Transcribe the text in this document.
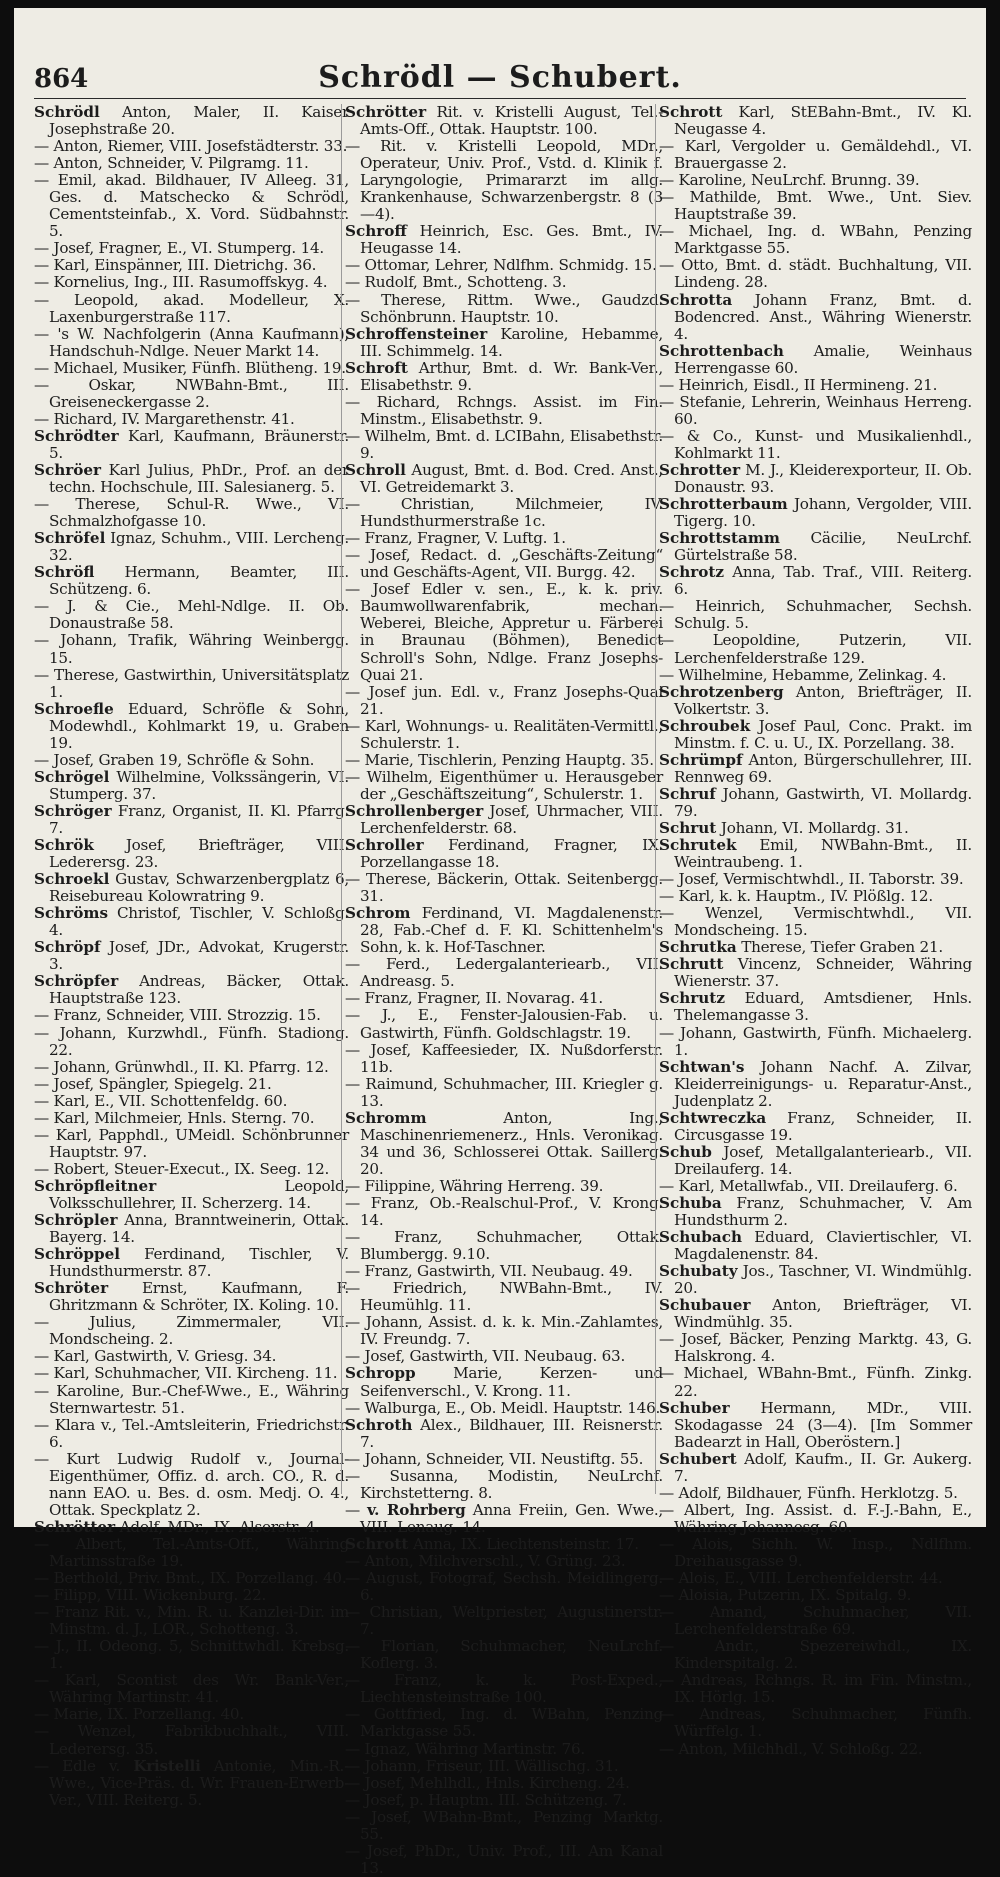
864	Schrödl — Schubert.

Schrödl Anton, Maler, II. Kaiser Josephstraße 20.

— Anton, Riemer, VIII. Josefstädterstr. 33.

— Anton, Schneider, V. Pilgramg. 11.

— Emil, akad. Bildhauer, IV Alleeg. 31, Ges. d. Matschecko & Schrödl, Cementsteinfab., X. Vord. Südbahnstr. 5.

— Josef, Fragner, E., VI. Stumperg. 14.

— Karl, Einspänner, III. Dietrichg. 36.

— Kornelius, Ing., III. Rasumoffskyg. 4.

— Leopold, akad. Modelleur, X. Laxenburgerstraße 117.

— 's W. Nachfolgerin (Anna Kaufmann), Handschuh-Ndlge. Neuer Markt 14.

— Michael, Musiker, Fünfh. Blütheng. 19.

— Oskar, NWBahn-Bmt., III. Greiseneckergasse 2.

— Richard, IV. Margarethenstr. 41.

Schrödter Karl, Kaufmann, Bräunerstr. 5.

Schröer Karl Julius, PhDr., Prof. an der techn. Hochschule, III. Salesianerg. 5.

— Therese, Schul-R. Wwe., VI. Schmalzhofgasse 10.

Schröfel Ignaz, Schuhm., VIII. Lercheng. 32.

Schröfl Hermann, Beamter, III. Schützeng. 6.

— J. & Cie., Mehl-Ndlge. II. Ob. Donaustraße 58.

— Johann, Trafik, Währing Weinbergg. 15.

— Therese, Gastwirthin, Universitätsplatz 1.

Schroefle Eduard, Schröfle & Sohn, Modewhdl., Kohlmarkt 19, u. Graben 19.

— Josef, Graben 19, Schröfle & Sohn.

Schrögel Wilhelmine, Volkssängerin, VI. Stumperg. 37.

Schröger Franz, Organist, II. Kl. Pfarrg. 7.

Schrök Josef, Briefträger, VIII. Lederersg. 23.

Schroekl Gustav, Schwarzenbergplatz 6, Reisebureau Kolowratring 9.

Schröms Christof, Tischler, V. Schloßg. 4.

Schröpf Josef, JDr., Advokat, Krugerstr. 3.

Schröpfer Andreas, Bäcker, Ottak. Hauptstraße 123.

— Franz, Schneider, VIII. Strozzig. 15.

— Johann, Kurzwhdl., Fünfh. Stadiong. 22.

— Johann, Grünwhdl., II. Kl. Pfarrg. 12.

— Josef, Spängler, Spiegelg. 21.

— Karl, E., VII. Schottenfeldg. 60.

— Karl, Milchmeier, Hnls. Sterng. 70.

— Karl, Papphdl., UMeidl. Schönbrunner Hauptstr. 97.

— Robert, Steuer-Execut., IX. Seeg. 12.

Schröpfleitner	Leopold, Volksschullehrer, II. Scherzerg. 14.

Schröpler Anna, Branntweinerin, Ottak. Bayerg. 14.

Schröppel Ferdinand, Tischler, V. Hundsthurmerstr. 87.

Schröter Ernst, Kaufmann, F. Ghritzmann & Schröter, IX. Koling. 10.

— Julius, Zimmermaler, VII. Mondscheing. 2.

— Karl, Gastwirth, V. Griesg. 34.

— Karl, Schuhmacher, VII. Kircheng. 11.

— Karoline, Bur.-Chef-Wwe., E., Währing Sternwartestr. 51.

— Klara v., Tel.-Amtsleiterin, Friedrichstr. 6.

— Kurt Ludwig Rudolf v., Journal-Eigenthümer, Offiz. d. arch. CO., R. d. nann EAO. u. Bes. d. osm. Medj. O. 4., Ottak. Speckplatz 2.

Schrötter Adolf, MDr., IX. Alserstr. 4.

— Albert, Tel.-Amts-Off., Währing Martinsstraße 19.

— Berthold, Priv. Bmt., IX. Porzellang. 40.

— Filipp, VIII. Wickenburg. 22.

— Franz Rit. v., Min. R. u. Kanzlei-Dir. im Minstm. d. J., LOR., Schotteng. 3.

— J., II. Odeong. 5, Schnittwhdl. Krebsg. 1.

— Karl, Scontist des Wr. Bank-Ver., Währing Martinstr. 41.

— Marie, IX. Porzellang. 40.

— Wenzel, Fabrikbuchhalt., VIII. Lederersg. 35.

— Edle v. Kristelli Antonie, Min.-R.-Wwe., Vice-Präs. d. Wr. Frauen-Erwerb-Ver., VIII. Reiterg. 5.

Schrötter Rit. v. Kristelli August, Tel.-Amts-Off., Ottak. Hauptstr. 100.

— Rit. v. Kristelli Leopold, MDr., Operateur, Univ. Prof., Vstd. d. Klinik f. Laryngologie, Primararzt im allg. Krankenhause, Schwarzenbergstr. 8 (3—4).

Schroff Heinrich, Esc. Ges. Bmt., IV. Heugasse 14.

— Ottomar, Lehrer, Ndlfhm. Schmidg. 15.

— Rudolf, Bmt., Schotteng. 3.

— Therese, Rittm. Wwe., Gaudzd. Schönbrunn. Hauptstr. 10.

Schroffensteiner Karoline, Hebamme, III. Schimmelg. 14.

Schroft Arthur, Bmt. d. Wr. Bank-Ver., Elisabethstr. 9.

— Richard, Rchngs. Assist. im Fin. Minstm., Elisabethstr. 9.

— Wilhelm, Bmt. d. LCIBahn, Elisabethstr. 9.

Schroll August, Bmt. d. Bod. Cred. Anst., VI. Getreidemarkt 3.

— Christian, Milchmeier, IV. Hundsthurmerstraße 1c.

— Franz, Fragner, V. Luftg. 1.

— Josef, Redact. d. „Geschäfts-Zeitung“ und Geschäfts-Agent, VII. Burgg. 42.

— Josef Edler v. sen., E., k. k. priv. Baumwollwarenfabrik, mechan. Weberei, Bleiche, Appretur u. Färberei in Braunau (Böhmen), Benedict Schroll's Sohn, Ndlge. Franz Josephs-Quai 21.

— Josef jun. Edl. v., Franz Josephs-Quai 21.

— Karl, Wohnungs- u. Realitäten-Vermittl., Schulerstr. 1.

— Marie, Tischlerin, Penzing Hauptg. 35.

— Wilhelm, Eigenthümer u. Herausgeber der „Geschäftszeitung“, Schulerstr. 1.

Schrollenberger Josef, Uhrmacher, VIII. Lerchenfelderstr. 68.

Schroller Ferdinand, Fragner, IX. Porzellangasse 18.

— Therese, Bäckerin, Ottak. Seitenbergg. 31.

Schrom Ferdinand, VI. Magdalenenstr. 28, Fab.-Chef d. F. Kl. Schittenhelm's Sohn, k. k. Hof-Taschner.

— Ferd., Ledergalanteriearb., VII. Andreasg. 5.

— Franz, Fragner, II. Novarag. 41.

— J., E., Fenster-Jalousien-Fab. u. Gastwirth, Fünfh. Goldschlagstr. 19.

— Josef, Kaffeesieder, IX. Nußdorferstr. 11b.

— Raimund, Schuhmacher, III. Kriegler g. 13.

Schromm	Anton, Ing., Maschinenriemenerz., Hnls. Veronikag. 34 und 36, Schlosserei Ottak. Saillerg. 20.

— Filippine, Währing Herreng. 39.

— Franz, Ob.-Realschul-Prof., V. Krong. 14.

— Franz, Schuhmacher, Ottak. Blumbergg. 9.10.

— Franz, Gastwirth, VII. Neubaug. 49.

— Friedrich, NWBahn-Bmt., IV. Heumühlg. 11.

— Johann, Assist. d. k. k. Min.-Zahlamtes, IV. Freundg. 7.

— Josef, Gastwirth, VII. Neubaug. 63.

Schropp Marie, Kerzen- und Seifenverschl., V. Krong. 11.

— Walburga, E., Ob. Meidl. Hauptstr. 146.

Schroth Alex., Bildhauer, III. Reisnerstr. 7.

— Johann, Schneider, VII. Neustiftg. 55.

— Susanna, Modistin, NeuLrchf. Kirchstetterng. 8.

— v. Rohrberg Anna Freiin, Gen. Wwe., VIII. Lenaug. 14.

Schrott Anna, IX. Liechtensteinstr. 17.

— Anton, Milchverschl., V. Grüng. 23.

— August, Fotograf, Sechsh. Meidlingerg. 6.

— Christian, Weltpriester, Augustinerstr. 7.

— Florian, Schuhmacher, NeuLrchf. Koflerg. 3.

— Franz, k. k. Post-Exped., Liechtensteinstraße 100.

— Gottfried, Ing. d. WBahn, Penzing Marktgasse 55.

— Ignaz, Währing Martinstr. 76.

— Johann, Friseur, III. Wällischg. 31.

— Josef, Mehlhdl., Hnls. Kircheng. 24.

— Josef, p. Hauptm. III. Schützeng. 7.

— Josef, WBahn-Bmt., Penzing Marktg. 55.

— Josef, PhDr., Univ. Prof., III. Am Kanal 13.

Schrott Karl, StEBahn-Bmt., IV. Kl. Neugasse 4.

— Karl, Vergolder u. Gemäldehdl., VI. Brauergasse 2.

— Karoline, NeuLrchf. Brunng. 39.

— Mathilde, Bmt. Wwe., Unt. Siev. Hauptstraße 39.

— Michael, Ing. d. WBahn, Penzing Marktgasse 55.

— Otto, Bmt. d. städt. Buchhaltung, VII. Lindeng. 28.

Schrotta Johann Franz, Bmt. d. Bodencred. Anst., Währing Wienerstr. 4.

Schrottenbach Amalie, Weinhaus Herrengasse 60.

— Heinrich, Eisdl., II Hermineng. 21.

— Stefanie, Lehrerin, Weinhaus Herreng. 60.

— & Co., Kunst- und Musikalienhdl., Kohlmarkt 11.

Schrotter M. J., Kleiderexporteur, II. Ob. Donaustr. 93.

Schrotterbaum Johann, Vergolder, VIII. Tigerg. 10.

Schrottstamm Cäcilie, NeuLrchf. Gürtelstraße 58.

Schrotz Anna, Tab. Traf., VIII. Reiterg. 6.

— Heinrich, Schuhmacher, Sechsh. Schulg. 5.

— Leopoldine, Putzerin, VII. Lerchenfelderstraße 129.

— Wilhelmine, Hebamme, Zelinkag. 4.

Schrotzenberg Anton, Briefträger, II. Volkertstr. 3.

Schroubek Josef Paul, Conc. Prakt. im Minstm. f. C. u. U., IX. Porzellang. 38.

Schrümpf Anton, Bürgerschullehrer, III. Rennweg 69.

Schruf Johann, Gastwirth, VI. Mollardg. 79.

Schrut Johann, VI. Mollardg. 31.

Schrutek Emil, NWBahn-Bmt., II. Weintraubeng. 1.

— Josef, Vermischtwhdl., II. Taborstr. 39.

— Karl, k. k. Hauptm., IV. Plößlg. 12.

— Wenzel, Vermischtwhdl., VII. Mondscheing. 15.

Schrutka Therese, Tiefer Graben 21.

Schrutt Vincenz, Schneider, Währing Wienerstr. 37.

Schrutz Eduard, Amtsdiener, Hnls. Thelemangasse 3.

— Johann, Gastwirth, Fünfh. Michaelerg. 1.

Schtwan's Johann Nachf. A. Zilvar, Kleiderreinigungs- u. Reparatur-Anst., Judenplatz 2.

Schtwreczka Franz, Schneider, II. Circusgasse 19.

Schub Josef, Metallgalanteriearb., VII. Dreilauferg. 14.

— Karl, Metallwfab., VII. Dreilauferg. 6.

Schuba Franz, Schuhmacher, V. Am Hundsthurm 2.

Schubach Eduard, Claviertischler, VI. Magdalenenstr. 84.

Schubaty Jos., Taschner, VI. Windmühlg. 20.

Schubauer Anton, Briefträger, VI. Windmühlg. 35.

— Josef, Bäcker, Penzing Marktg. 43, G. Halskrong. 4.

— Michael, WBahn-Bmt., Fünfh. Zinkg. 22.

Schuber Hermann, MDr., VIII. Skodagasse 24 (3—4). [Im Sommer Badearzt in Hall, Oberöstern.]

Schubert Adolf, Kaufm., II. Gr. Aukerg. 7.

— Adolf, Bildhauer, Fünfh. Herklotzg. 5.

— Albert, Ing. Assist. d. F.-J.-Bahn, E., Währing Johannesg. 60.

— Alois, Sichh. W. Insp., Ndlfhm. Dreihausgasse 9.

— Alois, E., VIII. Lerchenfelderstr. 44.

— Aloisia, Putzerin, IX. Spitalg. 9.

— Amand, Schuhmacher, VII. Lerchenfelderstraße 69.

— Andr., Spezereiwhdl., IX. Kinderspitalg. 2.

— Andreas, Rchngs. R. im Fin. Minstm., IX. Hörlg. 15.

— Andreas, Schuhmacher, Fünfh. Würffelg. 1.

— Anton, Milchhdl., V. Schloßg. 22.
